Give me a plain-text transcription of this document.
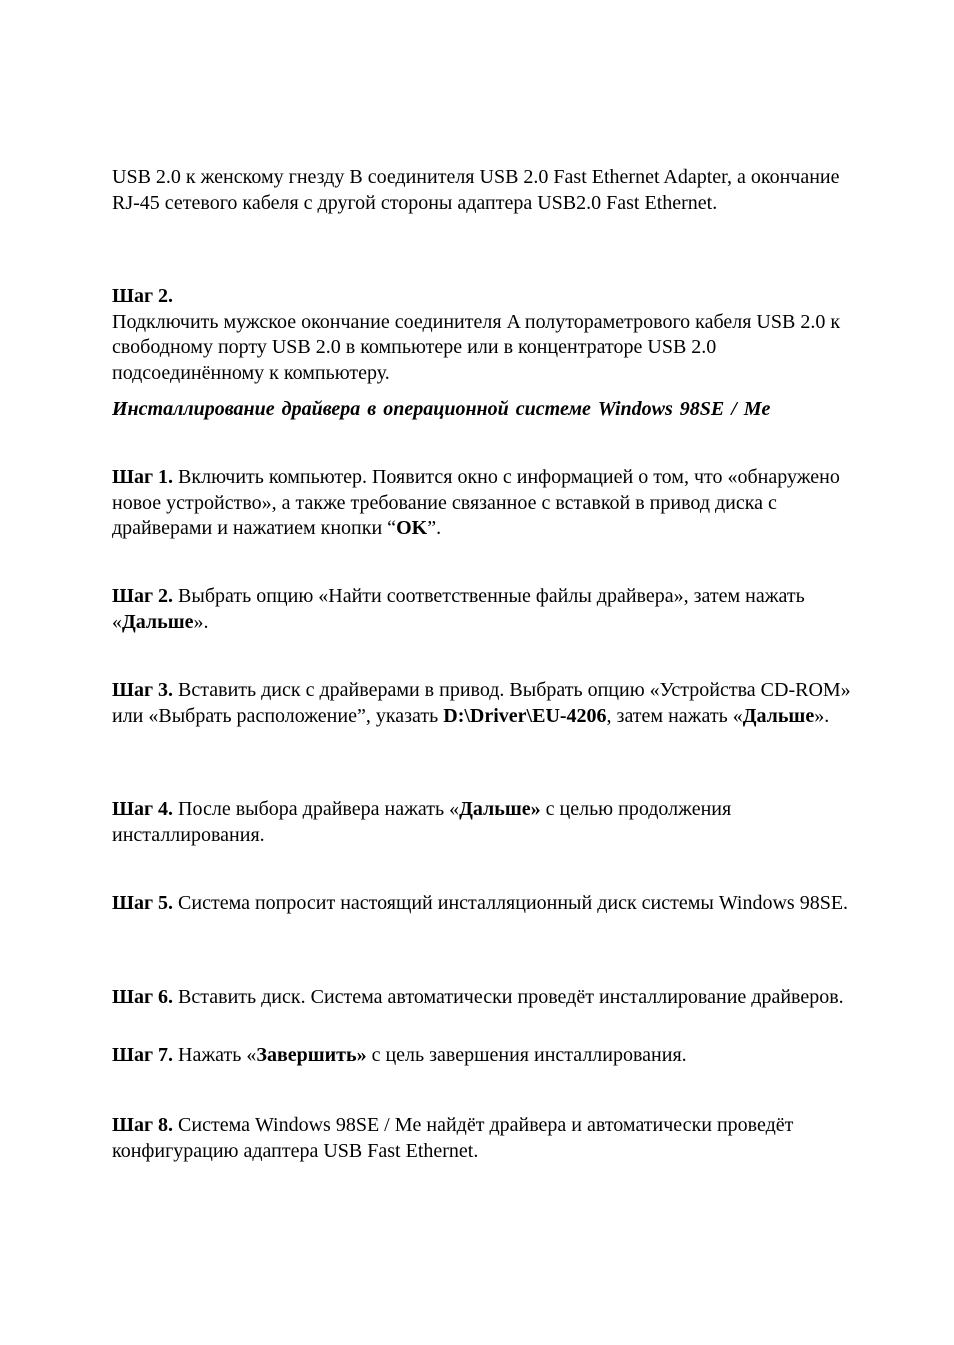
USB 2.0 к женскому гнезду B соединителя USB 2.0 Fast Ethernet Adapter, а окончание RJ-45 сетевого кабеля с другой стороны адаптера USB2.0 Fast Ethernet.

Шаг 2.
Подключить мужское окончание соединителя A полутораметрового кабеля USB 2.0 к свободному порту USB 2.0 в компьютере или в концентраторе USB 2.0 подсоединённому к компьютеру.

Инсталлирование драйвера в операционной системе Windows 98SE / Me

Шаг 1. Включить компьютер. Появится окно с информацией о том, что «обнаружено новое устройство», а также требование связанное с вставкой в привод диска с драйверами и нажатием кнопки “OK”.

Шаг 2. Выбрать опцию «Найти соответственные файлы драйвера», затем нажать «Дальше».

Шаг 3. Вставить диск с драйверами в привод. Выбрать опцию «Устройства CD-ROM» или «Выбрать расположение”, указать D:\Driver\EU-4206, затем нажать «Дальше».

Шаг 4. После выбора драйвера нажать «Дальше» с целью продолжения инсталлирования.

Шаг 5. Система попросит настоящий инсталляционный диск системы Windows 98SE.

Шаг 6. Вставить диск. Система автоматически проведёт инсталлирование драйверов.

Шаг 7. Нажать «Завершить» с цель завершения инсталлирования.

Шаг 8. Система Windows 98SE / Me найдёт драйвера и автоматически проведёт конфигурацию адаптера USB Fast Ethernet.
